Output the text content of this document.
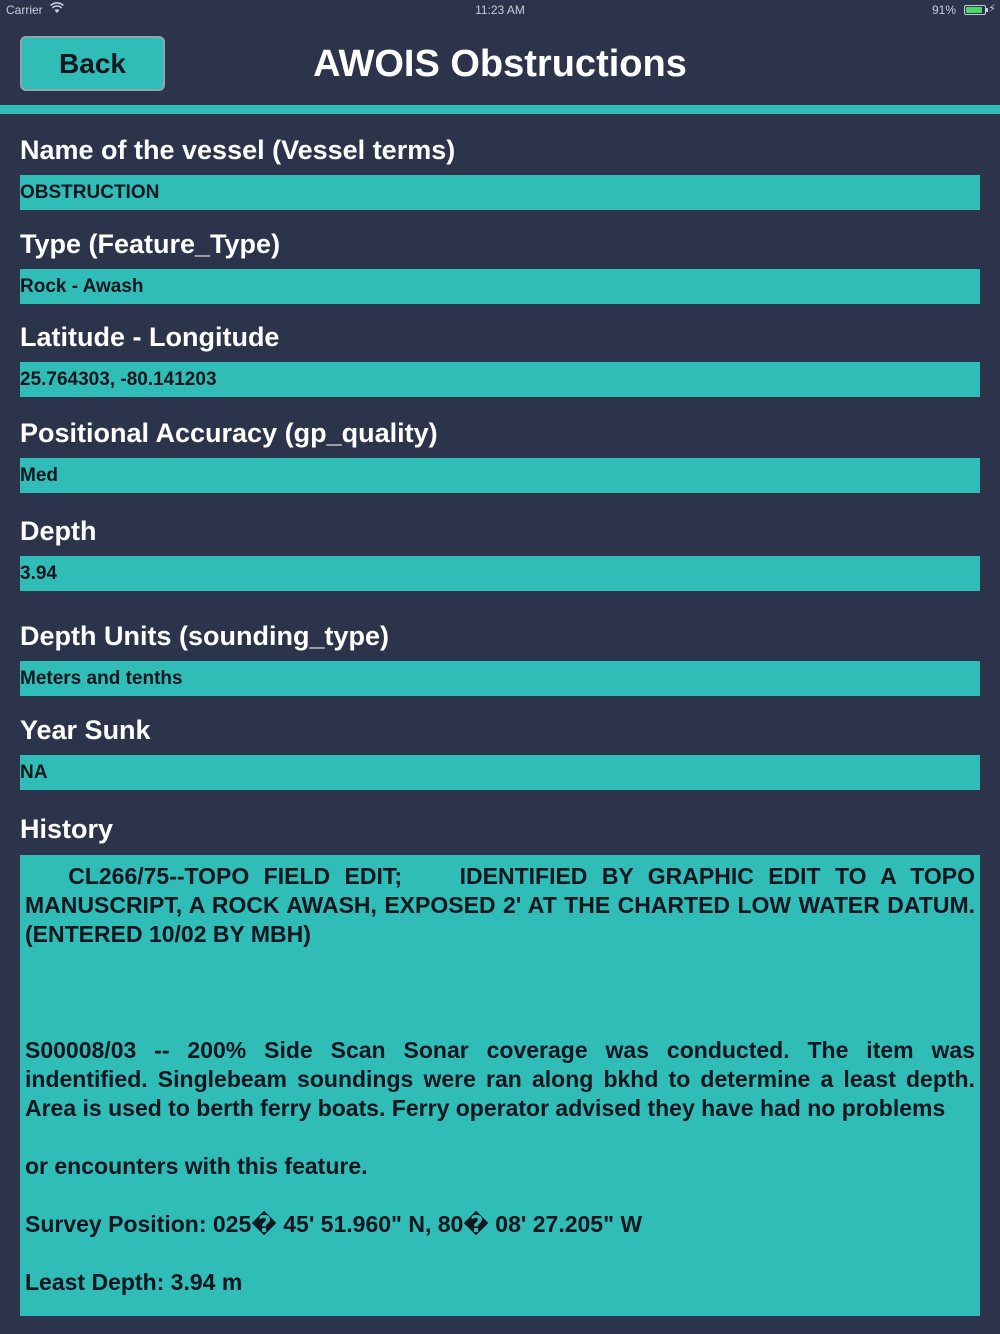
Carrier	11:23 AM	91%	⚡︎
Back	AWOIS Obstructions
Name of the vessel (Vessel terms)
OBSTRUCTION
Type (Feature_Type)
Rock - Awash
Latitude - Longitude
25.764303, -80.141203
Positional Accuracy (gp_quality)
Med
Depth
3.94
Depth Units (sounding_type)
Meters and tenths
Year Sunk
NA
History

CL266/75--TOPO FIELD EDIT;    IDENTIFIED BY GRAPHIC EDIT TO A TOPO MANUSCRIPT, A ROCK AWASH, EXPOSED 2' AT THE CHARTED LOW WATER DATUM. (ENTERED 10/02 BY MBH)

S00008/03 -- 200% Side Scan Sonar coverage was conducted. The item was indentified. Singlebeam soundings were ran along bkhd to determine a least depth. Area is used to berth ferry boats. Ferry operator advised they have had no problems

or encounters with this feature.

Survey Position: 025� 45' 51.960" N, 80� 08' 27.205" W

Least Depth: 3.94 m
